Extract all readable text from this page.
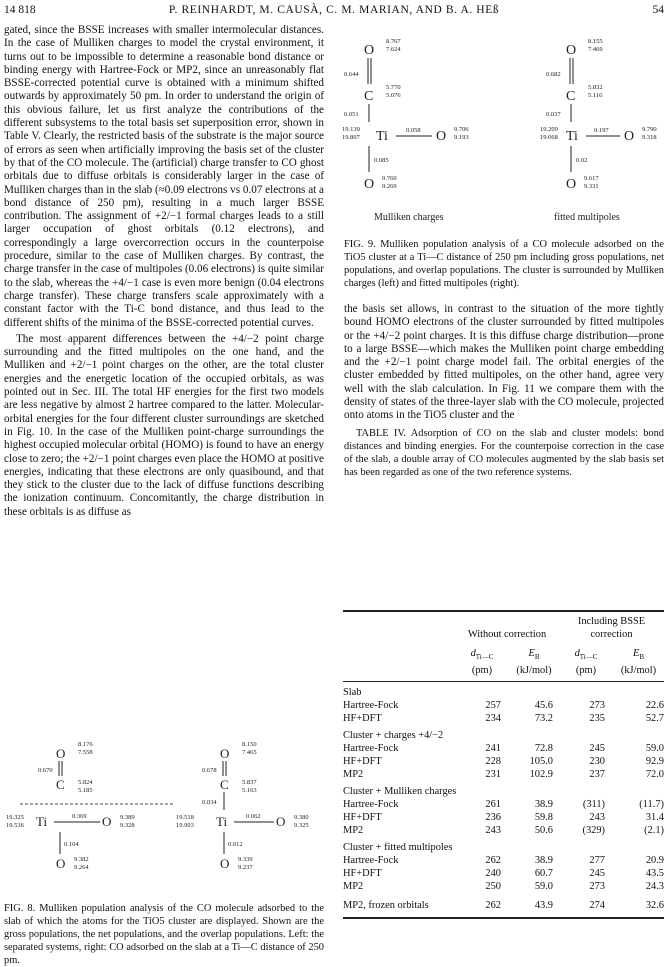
14 818	P. REINHARDT, M. CAUSÀ, C. M. MARIAN, AND B. A. HEß	54

gated, since the BSSE increases with smaller intermolecular distances. In the case of Mulliken charges to model the crystal environment, it turns out to be impossible to determine a reasonable bond distance or binding energy with Hartree-Fock or MP2, since an unreasonably flat BSSE-corrected potential curve is obtained with a minimum shifted outwards by approximately 50 pm. In order to understand the origin of this obvious failure, let us first analyze the contributions of the different subsystems to the total basis set superposition error, shown in Table V. Clearly, the restricted basis of the substrate is the major source of errors as seen when artificially improving the basis set of the cluster by that of the CO molecule. The (artificial) charge transfer to CO ghost orbitals due to diffuse orbitals is considerably larger in the case of Mulliken charges than in the slab (≈0.09 electrons vs 0.07 electrons at a bond distance of 250 pm), resulting in a much larger BSSE contribution. The assignment of +2/−1 formal charges leads to a still larger occupation of ghost orbitals (0.12 electrons), and correspondingly a large overcorrection occurs in the counterpoise procedure, similar to the case of Mulliken charges. By contrast, the charge transfer in the case of multipoles (0.06 electrons) is quite similar to the slab, whereas the +4/−1 case is even more benign (0.04 electrons charge transfer). These charge transfers scale approximately with a constant factor with the Ti-C bond distance, and thus lead to the different shifts of the minima of the BSSE-corrected potential curves.

The most apparent differences between the +4/−2 point charge surrounding and the fitted multipoles on the one hand, and the Mulliken and +2/−1 point charges on the other, are the total cluster energies and the energetic location of the occupied orbitals, as was pointed out in Sec. III. The total HF energies for the first two models are less negative by almost 2 hartree compared to the latter. Molecular-orbital energies for the four different cluster surroundings are sketched in Fig. 10. In the case of the Mulliken point-charge surroundings the highest occupied molecular orbital (HOMO) is found to have an energy close to zero; the +2/−1 point charges even place the HOMO at positive energies, indicating that these electrons are only quasibound, and that they stick to the cluster due to the lack of diffuse functions describing the ionization continuum. Concomitantly, the charge distribution in these orbitals is as diffuse as

O
8.176
7.558
0.670
C 5.824
5.185
19.325
19.536 Ti	0.369 O 9.389
9.328
O
8.150
7.465
0.678
C 5.837
5.163
0.034
19.518
19.903 Ti	0.062 O 9.380
9.325
0.104
O 9.382
9.264
0.012
O 9.339
9.237

FIG. 8. Mulliken population analysis of the CO molecule adsorbed to the slab of which the atoms for the TiO5 cluster are displayed. Shown are the gross populations, the net populations, and the overlap populations. Left: the separated systems, right: CO adsorbed on the slab at a Ti—C distance of 250 pm.

O
8.767
7.624
0.644
C
5.770
5.076
0.051
19.139
19.807 Ti	0.058 O 9.706
9.193
0.085
O 9.760
9.269
Mulliken charges
O
8.155
7.469
0.682
C
5.832
5.116
0.037
19.209
19.068 Ti 0.197 O 9.790
9.318
0.02
O 9.617
9.331
fitted multipoles

FIG. 9. Mulliken population analysis of a CO molecule adsorbed on the TiO5 cluster at a Ti—C distance of 250 pm including gross populations, net populations, and overlap populations. The cluster is surrounded by Mulliken charges (left) and fitted multipoles (right).

the basis set allows, in contrast to the situation of the more tightly bound HOMO electrons of the cluster surrounded by fitted multipoles or the +4/−2 point charges. It is this diffuse charge distribution—prone to a large BSSE—which makes the Mulliken point charge embedding and the +2/−1 point charge model fail. The orbital energies of the cluster embedded by fitted multipoles, on the other hand, agree very well with the slab calculation. In Fig. 11 we compare them with the density of states of the three-layer slab with the CO molecule, projected onto atoms in the TiO5 cluster and the

TABLE IV. Adsorption of CO on the slab and cluster models: bond distances and binding energies. For the counterpoise correction in the case of the slab, a double array of CO molecules augmented by the slab basis set has been regarded as one of the two reference systems.

	Without correction		Including BSSE
correction	
	$d_{Ti—C}$	$E_B$	$d_{Ti—C}$	$E_B$
	(pm)	(kJ/mol)	(pm)	(kJ/mol)

Slab				
Hartree-Fock	257	45.6	273	22.6
HF+DFT	234	73.2	235	52.7
Cluster + charges +4/−2				
Hartree-Fock	241	72.8	245	59.0
HF+DFT	228	105.0	230	92.9
MP2	231	102.9	237	72.0
Cluster + Mulliken charges				
Hartree-Fock	261	38.9	(311)	(11.7)
HF+DFT	236	59.8	243	31.4
MP2	243	50.6	(329)	(2.1)
Cluster + fitted multipoles				
Hartree-Fock	262	38.9	277	20.9
HF+DFT	240	60.7	245	43.5
MP2	250	59.0	273	24.3

MP2, frozen orbitals	262	43.9	274	32.6
